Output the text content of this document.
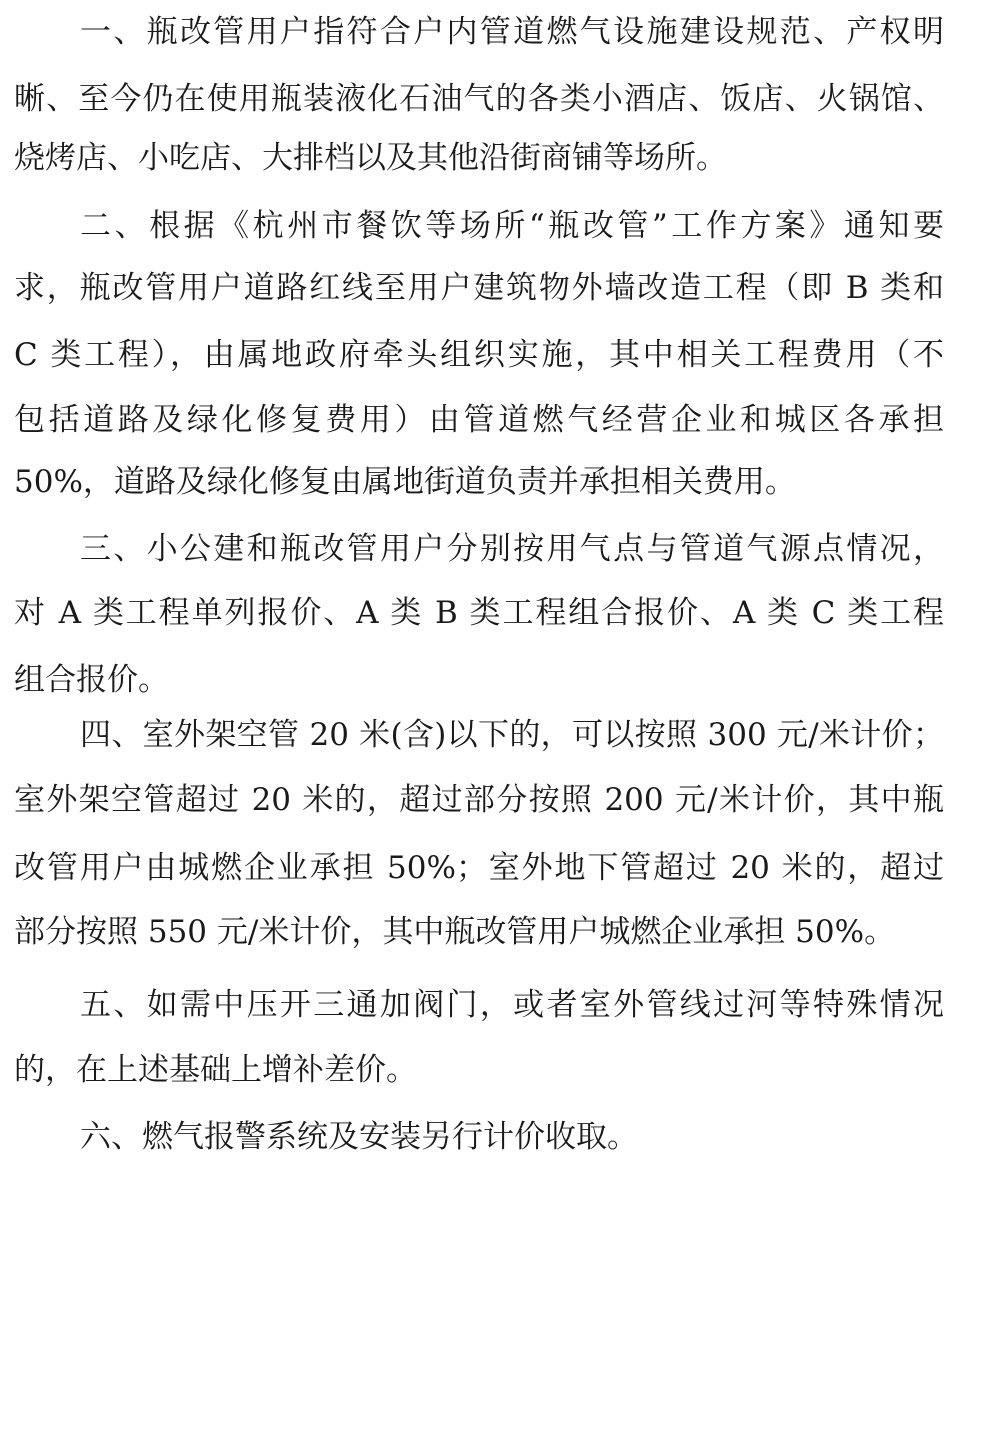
一、瓶改管用户指符合户内管道燃气设施建设规范、产权明

晰、至今仍在使用瓶装液化石油气的各类小酒店、饭店、火锅馆、

烧烤店、小吃店、大排档以及其他沿街商铺等场所。

二、根据《杭州市餐饮等场所“瓶改管”工作方案》通知要

求，瓶改管用户道路红线至用户建筑物外墙改造工程（即 B 类和

C 类工程），由属地政府牵头组织实施，其中相关工程费用（不

包括道路及绿化修复费用）由管道燃气经营企业和城区各承担

50%，道路及绿化修复由属地街道负责并承担相关费用。

三、小公建和瓶改管用户分别按用气点与管道气源点情况，

对 A 类工程单列报价、A 类 B 类工程组合报价、A 类 C 类工程

组合报价。

四、室外架空管 20 米(含)以下的，可以按照 300 元/米计价；

室外架空管超过 20 米的，超过部分按照 200 元/米计价，其中瓶

改管用户由城燃企业承担 50%；室外地下管超过 20 米的，超过

部分按照 550 元/米计价，其中瓶改管用户城燃企业承担 50%。

五、如需中压开三通加阀门，或者室外管线过河等特殊情况

的，在上述基础上增补差价。

六、燃气报警系统及安装另行计价收取。
